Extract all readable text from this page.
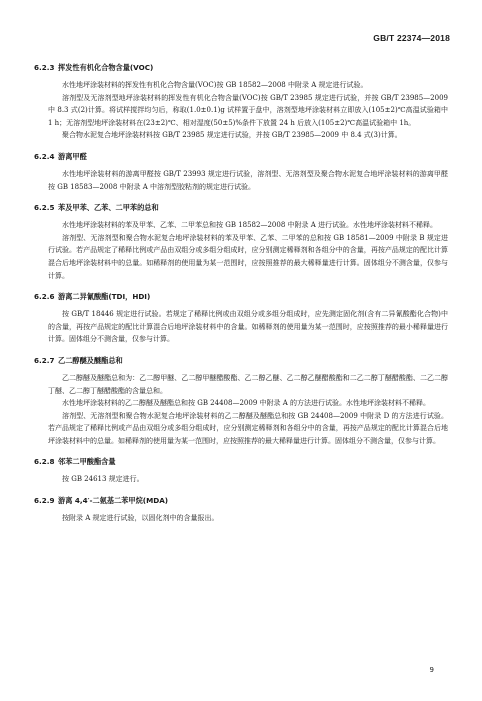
GB/T 22374—2018
6.2.3 挥发性有机化合物含量(VOC)

水性地坪涂装材料的挥发性有机化合物含量(VOC)按 GB 18582—2008 中附录 A 规定进行试验。

溶剂型及无溶剂型地坪涂装材料的挥发性有机化合物含量(VOC)按 GB/T 23985 规定进行试验，并按 GB/T 23985—2009 中 8.3 式(2)计算。将试样搅拌均匀后，称取(1.0±0.1)g 试样置于盘中，溶剂型地坪涂装材料立即放入(105±2)℃高温试验箱中 1 h；无溶剂型地坪涂装材料在(23±2)℃、相对湿度(50±5)%条件下放置 24 h 后放入(105±2)℃高温试验箱中 1h。

聚合物水泥复合地坪涂装材料按 GB/T 23985 规定进行试验，并按 GB/T 23985—2009 中 8.4 式(3)计算。

6.2.4 游离甲醛

水性地坪涂装材料的游离甲醛按 GB/T 23993 规定进行试验，溶剂型、无溶剂型及聚合物水泥复合地坪涂装材料的游离甲醛按 GB 18583—2008 中附录 A 中溶剂型胶粘剂的规定进行试验。

6.2.5 苯及甲苯、乙苯、二甲苯的总和

水性地坪涂装材料的苯及甲苯、乙苯、二甲苯总和按 GB 18582—2008 中附录 A 进行试验。水性地坪涂装材料不稀释。

溶剂型、无溶剂型和聚合物水泥复合地坪涂装材料的苯及甲苯、乙苯、二甲苯的总和按 GB 18581—2009 中附录 B 规定进行试验。若产品规定了稀释比例或产品由双组分或多组分组成时，应分别测定稀释剂和各组分中的含量，再按产品规定的配比计算混合后地坪涂装材料中的总量。如稀释剂的使用量为某一范围时，应按照推荐的最大稀释量进行计算。固体组分不测含量，仅参与计算。

6.2.6 游离二异氰酸酯(TDI，HDI)

按 GB/T 18446 规定进行试验。若规定了稀释比例或由双组分或多组分组成时，应先测定固化剂(含有二异氰酸酯化合物)中的含量，再按产品规定的配比计算混合后地坪涂装材料中的含量。如稀释剂的使用量为某一范围时，应按照推荐的最小稀释量进行计算。固体组分不测含量，仅参与计算。

6.2.7 乙二醇醚及醚酯总和

乙二醇醚及醚酯总和为：乙二醇甲醚、乙二醇甲醚醋酸酯、乙二醇乙醚、乙二醇乙醚醋酸酯和二乙二醇丁醚醋酸酯、二乙二醇丁醚、乙二醇丁醚醋酸酯的含量总和。

水性地坪涂装材料的乙二醇醚及醚酯总和按 GB 24408—2009 中附录 A 的方法进行试验。水性地坪涂装材料不稀释。

溶剂型、无溶剂型和聚合物水泥复合地坪涂装材料的乙二醇醚及醚酯总和按 GB 24408—2009 中附录 D 的方法进行试验。若产品规定了稀释比例或产品由双组分或多组分组成时，应分别测定稀释剂和各组分中的含量，再按产品规定的配比计算混合后地坪涂装材料中的总量。如稀释剂的使用量为某一范围时，应按照推荐的最大稀释量进行计算。固体组分不测含量，仅参与计算。

6.2.8 邻苯二甲酸酯含量

按 GB 24613 规定进行。

6.2.9 游离 4,4′-二氨基二苯甲烷(MDA)

按附录 A 规定进行试验，以固化剂中的含量报出。

9
